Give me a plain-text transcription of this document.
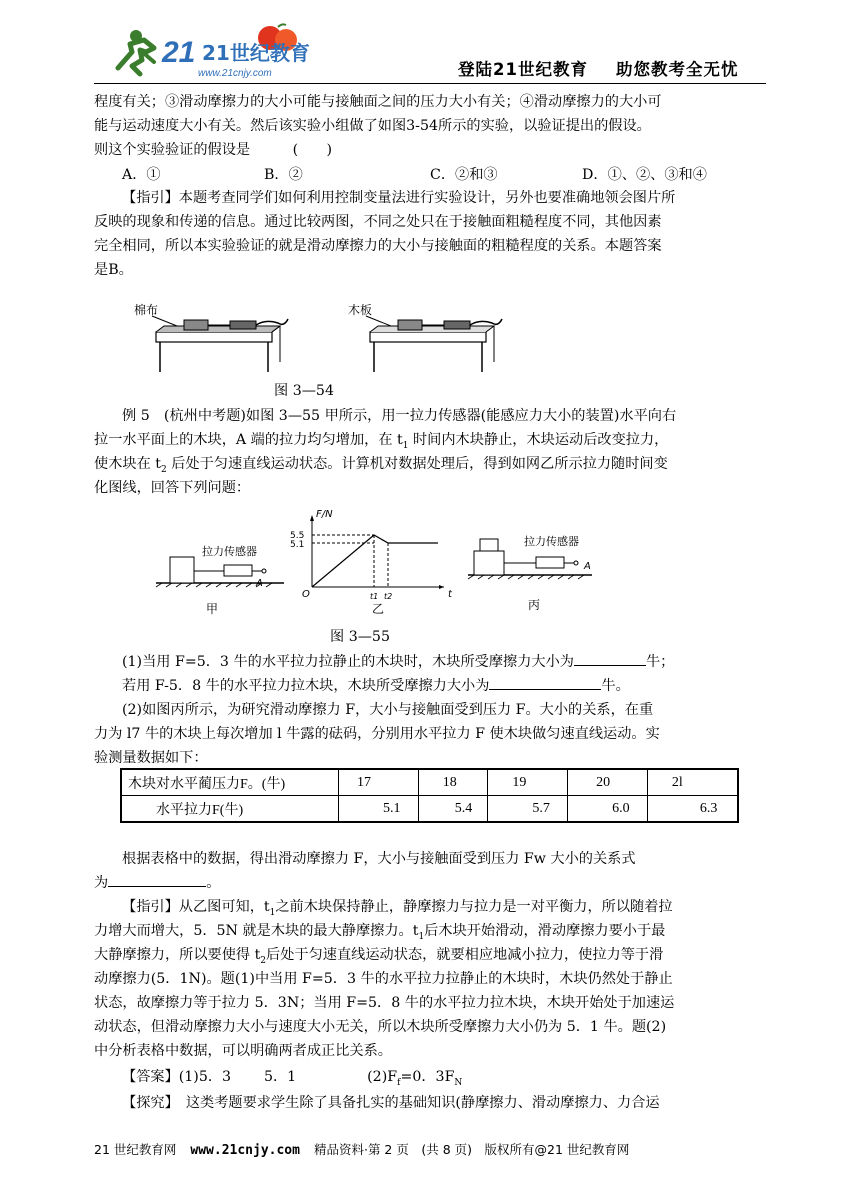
21 21世纪教育
www.21cnjy.com	登陆21世纪教育 助您教考全无忧
程度有关；③滑动摩擦力的大小可能与接触面之间的压力大小有关；④滑动摩擦力的大小可
能与运动速度大小有关。然后该实验小组做了如图3-54所示的实验，以验证提出的假设。
则这个实验验证的假设是　　　(　　)
A．①	B．②	C．②和③	D．①、②、③和④
【指引】本题考查同学们如何利用控制变量法进行实验设计，另外也要准确地领会图片所
反映的现象和传递的信息。通过比较两图，不同之处只在于接触面粗糙程度不同，其他因素
完全相同，所以本实验验证的就是滑动摩擦力的大小与接触面的粗糙程度的关系。本题答案
是B。
棉布	木板
图 3—54
例 5　(杭州中考题)如图 3—55 甲所示，用一拉力传感器(能感应力大小的装置)水平向右
拉一水平面上的木块，A 端的拉力均匀增加，在 $t_1$ 时间内木块静止，木块运动后改变拉力，
使木块在 $t_2$ 后处于匀速直线运动状态。计算机对数据处理后，得到如网乙所示拉力随时间变
化图线，回答下列问题：
拉力传感器
A
甲
F/N
5.5
5.1
O	t
t1 t2
乙
拉力传感器
A
丙
图 3—55
(1)当用 F=5．3 牛的水平拉力拉静止的木块时，木块所受摩擦力大小为	牛；
若用 F-5．8 牛的水平拉力拉木块，木块所受摩擦力大小为	牛。
(2)如图丙所示，为研究滑动摩擦力 F，大小与接触面受到压力 F。大小的关系，在重
力为 l7 牛的木块上每次增加 l 牛露的砝码，分别用水平拉力 F 使木块做匀速直线运动。实
验测量数据如下：
木块对水平蔺压力F。(牛)	17	18	19	20	2l
水平拉力F(牛)	5.1	5.4	5.7	6.0	6.3
根据表格中的数据，得出滑动摩擦力 F，大小与接触面受到压力 Fw 大小的关系式
为	。
【指引】从乙图可知，$t_1$之前木块保持静止，静摩擦力与拉力是一对平衡力，所以随着拉
力增大而增大，5．5N 就是木块的最大静摩擦力。$t_1$后木块开始滑动，滑动摩擦力要小于最
大静摩擦力，所以要使得 $t_2$后处于匀速直线运动状态，就要相应地减小拉力，使拉力等于滑
动摩擦力(5．1N)。题(1)中当用 F=5．3 牛的水平拉力拉静止的木块时，木块仍然处于静止
状态，故摩擦力等于拉力 5．3N；当用 F=5．8 牛的水平拉力拉木块，木块开始处于加速运
动状态，但滑动摩擦力大小与速度大小无关，所以木块所受摩擦力大小仍为 5．1 牛。题(2)
中分析表格中数据，可以明确两者成正比关系。
【答案】(1)5．3　　 5．1　　　　　$(2)F_f=0$．$3F_N$
【探究】　这类考题要求学生除了具备扎实的基础知识(静摩擦力、滑动摩擦力、力合运
21 世纪教育网 www.21cnjy.com 精品资料·第 2 页　(共 8 页)　版权所有@21 世纪教育网
